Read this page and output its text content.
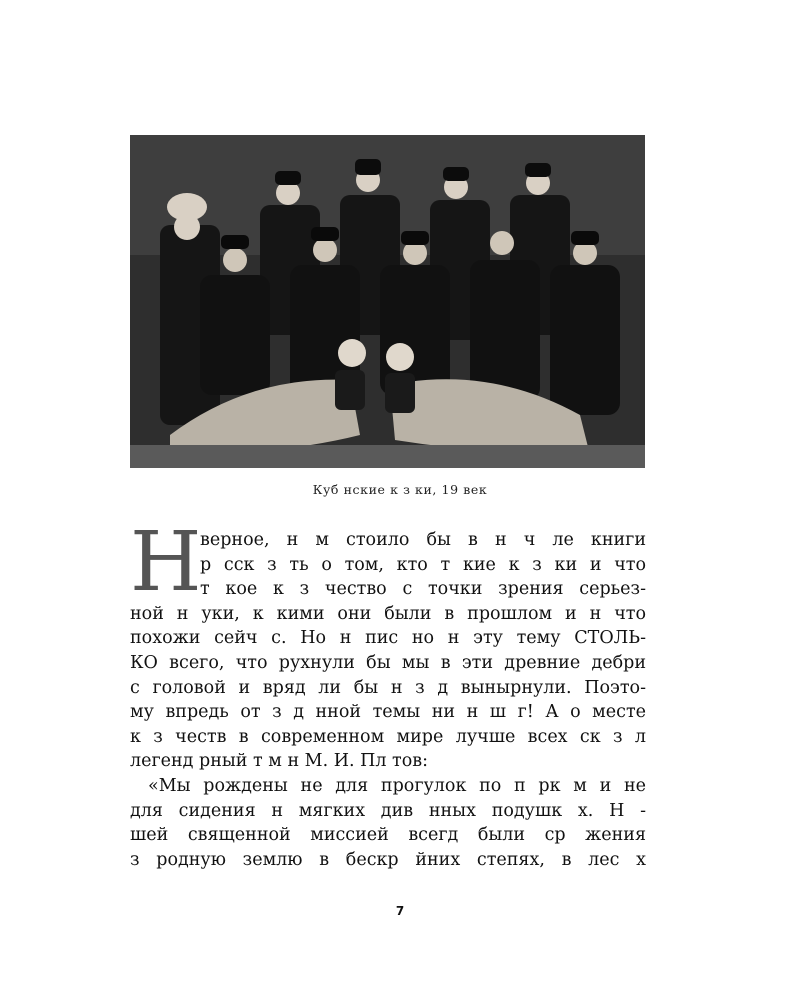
Куб нские к з ки, 19 век
Н
верное, н м стоило бы в н ч ле книги
р сск з ть о том, кто т кие к з ки и что
т кое к з чество с точки зрения серьез-
ной н уки, к кими они были в прошлом и н что
похожи сейч с. Но н пис но н эту тему СТОЛЬ-
КО всего, что рухнули бы мы в эти древние дебри
с головой и вряд ли бы н з д вынырнули. Поэто-
му впредь от з д нной темы ни н ш г! А о месте
к з честв в современном мире лучше всех ск з л
легенд рный т м н М. И. Пл тов:
«Мы рождены не для прогулок по п рк м и не
для сидения н мягких див нных подушк х. Н -
шей священной миссией всегд были ср жения
з родную землю в бескр йних степях, в лес х
7
